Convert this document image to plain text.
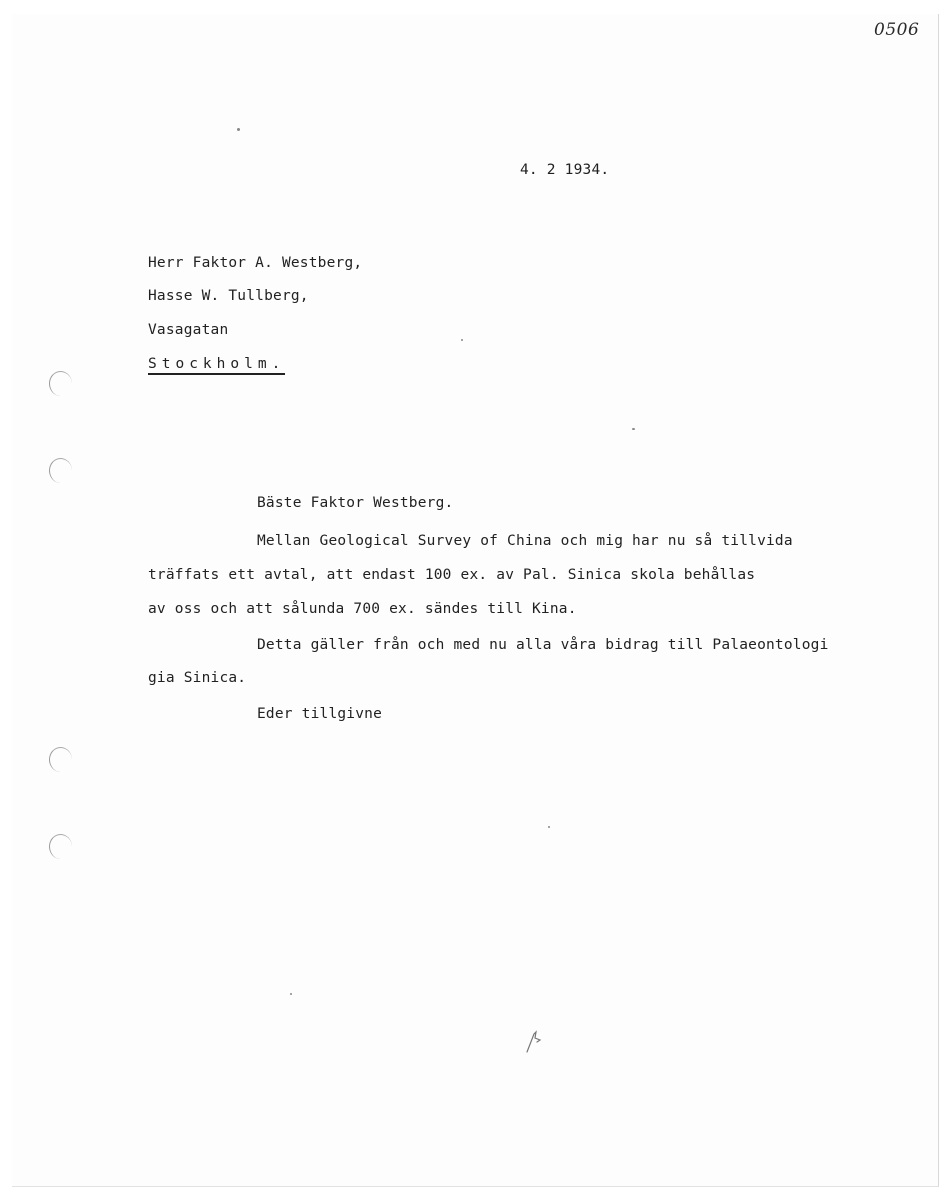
0506
4. 2 1934.
Herr Faktor A. Westberg,
Hasse W. Tullberg,
Vasagatan
Stockholm.
Bäste Faktor Westberg.
Mellan Geological Survey of China och mig har nu så tillvida
träffats ett avtal, att endast 100 ex. av Pal. Sinica skola behållas
av oss och att sålunda 700 ex. sändes till Kina.
Detta gäller från och med nu alla våra bidrag till Palaeontologi
gia Sinica.
Eder tillgivne
